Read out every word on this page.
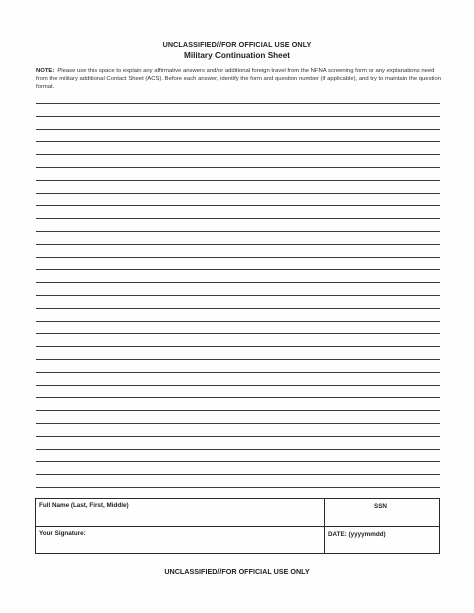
UNCLASSIFIED//FOR OFFICIAL USE ONLY
Military Continuation Sheet
NOTE: Please use this space to explain any affirmative answers and/or additional foreign travel from the NFNA screening form or any explanations need from the military additional Contact Sheet (ACS). Before each answer, identify the form and question number (if applicable), and try to maintain the question format.
Full Name (Last, First, Middle)	SSN
Your Signature:	DATE: (yyyymmdd)
UNCLASSIFIED//FOR OFFICIAL USE ONLY
